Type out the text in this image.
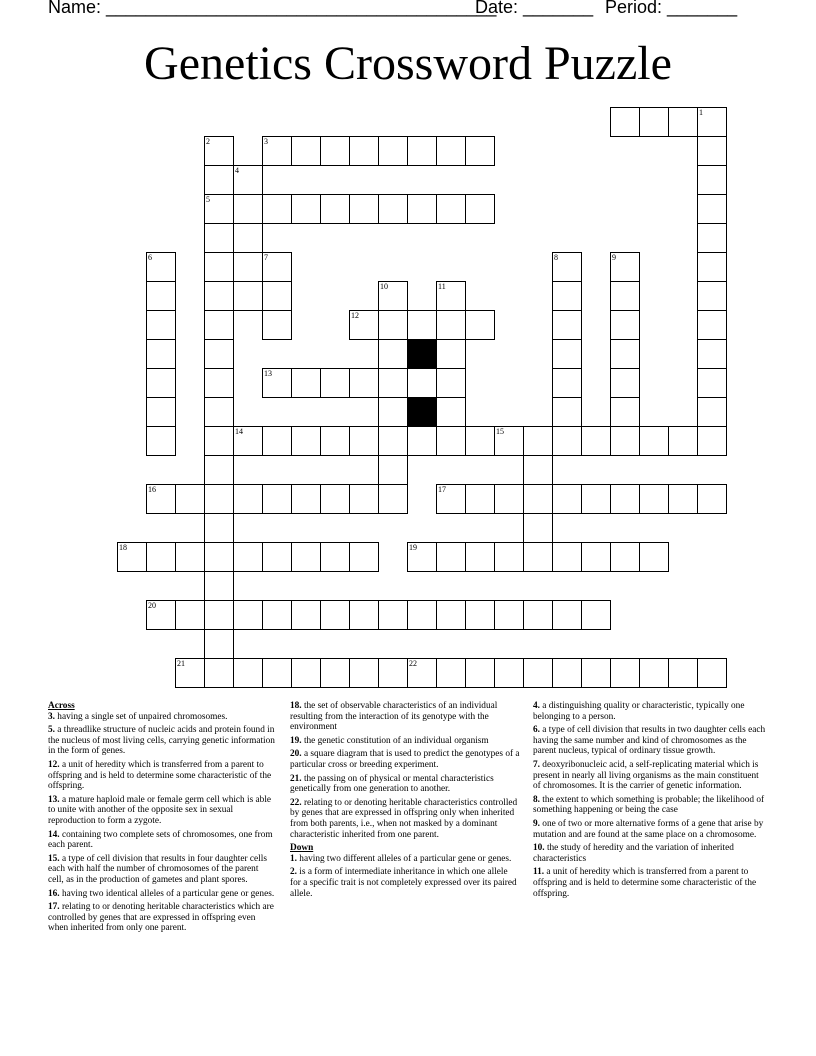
Name: _______________________________________
Date: _______ Period: _______
Genetics Crossword Puzzle
1
2	3
4
5
6	7	8	9
10	11
12
13
14	15
16	17
18	19
20
21	22
Across
3. having a single set of unpaired chromosomes.
5. a threadlike structure of nucleic acids and protein found in the nucleus of most living cells, carrying genetic information in the form of genes.
12. a unit of heredity which is transferred from a parent to offspring and is held to determine some characteristic of the offspring.
13. a mature haploid male or female germ cell which is able to unite with another of the opposite sex in sexual reproduction to form a zygote.
14. containing two complete sets of chromosomes, one from each parent.
15. a type of cell division that results in four daughter cells each with half the number of chromosomes of the parent cell, as in the production of gametes and plant spores.
16. having two identical alleles of a particular gene or genes.
17. relating to or denoting heritable characteristics which are controlled by genes that are expressed in offspring even when inherited from only one parent.
18. the set of observable characteristics of an individual resulting from the interaction of its genotype with the environment
19. the genetic constitution of an individual organism
20. a square diagram that is used to predict the genotypes of a particular cross or breeding experiment.
21. the passing on of physical or mental characteristics genetically from one generation to another.
22. relating to or denoting heritable characteristics controlled by genes that are expressed in offspring only when inherited from both parents, i.e., when not masked by a dominant characteristic inherited from one parent.
Down
1. having two different alleles of a particular gene or genes.
2. is a form of intermediate inheritance in which one allele for a specific trait is not completely expressed over its paired allele.
4. a distinguishing quality or characteristic, typically one belonging to a person.
6. a type of cell division that results in two daughter cells each having the same number and kind of chromosomes as the parent nucleus, typical of ordinary tissue growth.
7. deoxyribonucleic acid, a self-replicating material which is present in nearly all living organisms as the main constituent of chromosomes. It is the carrier of genetic information.
8. the extent to which something is probable; the likelihood of something happening or being the case
9. one of two or more alternative forms of a gene that arise by mutation and are found at the same place on a chromosome.
10. the study of heredity and the variation of inherited characteristics
11. a unit of heredity which is transferred from a parent to offspring and is held to determine some characteristic of the offspring.
